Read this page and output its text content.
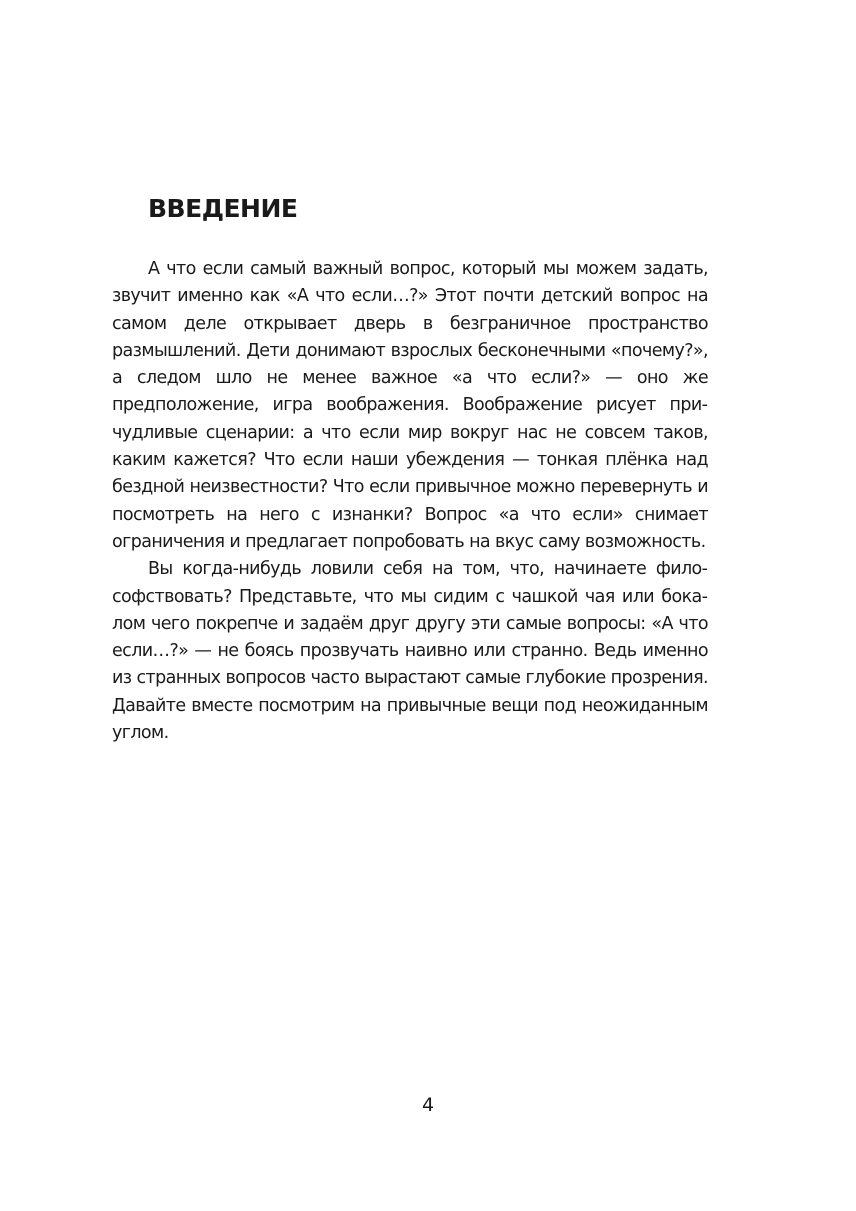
ВВЕДЕНИЕ

А что если самый важный вопрос, который мы можем задать, звучит именно как «А что если…?» Этот почти детский вопрос на самом деле открывает дверь в безграничное пространство размышлений. Дети донимают взрослых бесконечными «почему?», а следом шло не менее важное «а что если?» — оно же предположение, игра воображения. Воображение рисует причудливые сценарии: а что если мир вокруг нас не совсем таков, каким кажется? Что если наши убеждения — тонкая плёнка над бездной неизвестности? Что если привычное можно перевернуть и посмотреть на него с изнанки? Вопрос «а что если» снимает ограничения и предлагает попробовать на вкус саму возможность.

Вы когда-нибудь ловили себя на том, что, начинаете философствовать? Представьте, что мы сидим с чашкой чая или бокалом чего покрепче и задаём друг другу эти самые вопросы: «А что если…?» — не боясь прозвучать наивно или странно. Ведь именно из странных вопросов часто вырастают самые глубокие прозрения. Давайте вместе посмотрим на привычные вещи под неожиданным углом.

4
